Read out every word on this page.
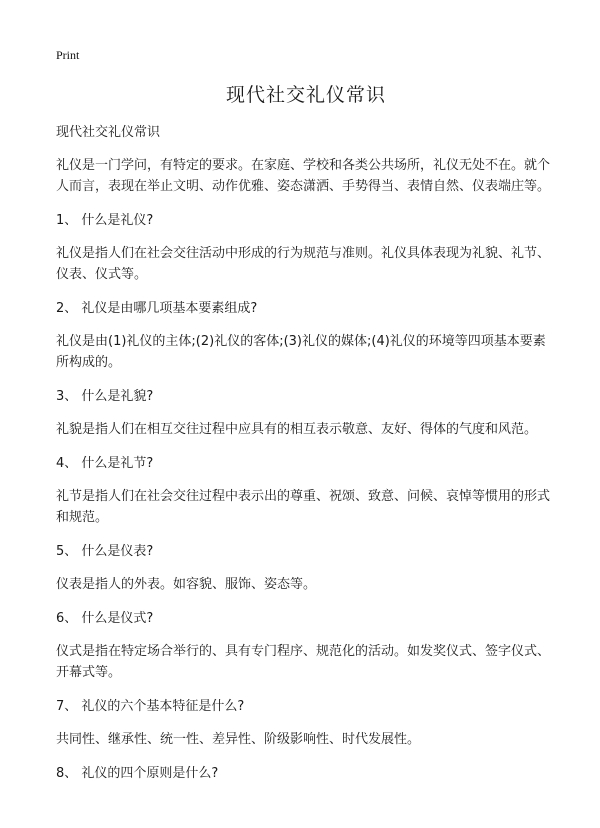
Print
现代社交礼仪常识

现代社交礼仪常识

礼仪是一门学问，有特定的要求。在家庭、学校和各类公共场所，礼仪无处不在。就个人而言，表现在举止文明、动作优雅、姿态潇洒、手势得当、表情自然、仪表端庄等。

1、 什么是礼仪?

礼仪是指人们在社会交往活动中形成的行为规范与准则。礼仪具体表现为礼貌、礼节、仪表、仪式等。

2、 礼仪是由哪几项基本要素组成?

礼仪是由(1)礼仪的主体;(2)礼仪的客体;(3)礼仪的媒体;(4)礼仪的环境等四项基本要素所构成的。

3、 什么是礼貌?

礼貌是指人们在相互交往过程中应具有的相互表示敬意、友好、得体的气度和风范。

4、 什么是礼节?

礼节是指人们在社会交往过程中表示出的尊重、祝颂、致意、问候、哀悼等惯用的形式和规范。

5、 什么是仪表?

仪表是指人的外表。如容貌、服饰、姿态等。

6、 什么是仪式?

仪式是指在特定场合举行的、具有专门程序、规范化的活动。如发奖仪式、签字仪式、开幕式等。

7、 礼仪的六个基本特征是什么?

共同性、继承性、统一性、差异性、阶级影响性、时代发展性。

8、 礼仪的四个原则是什么?
